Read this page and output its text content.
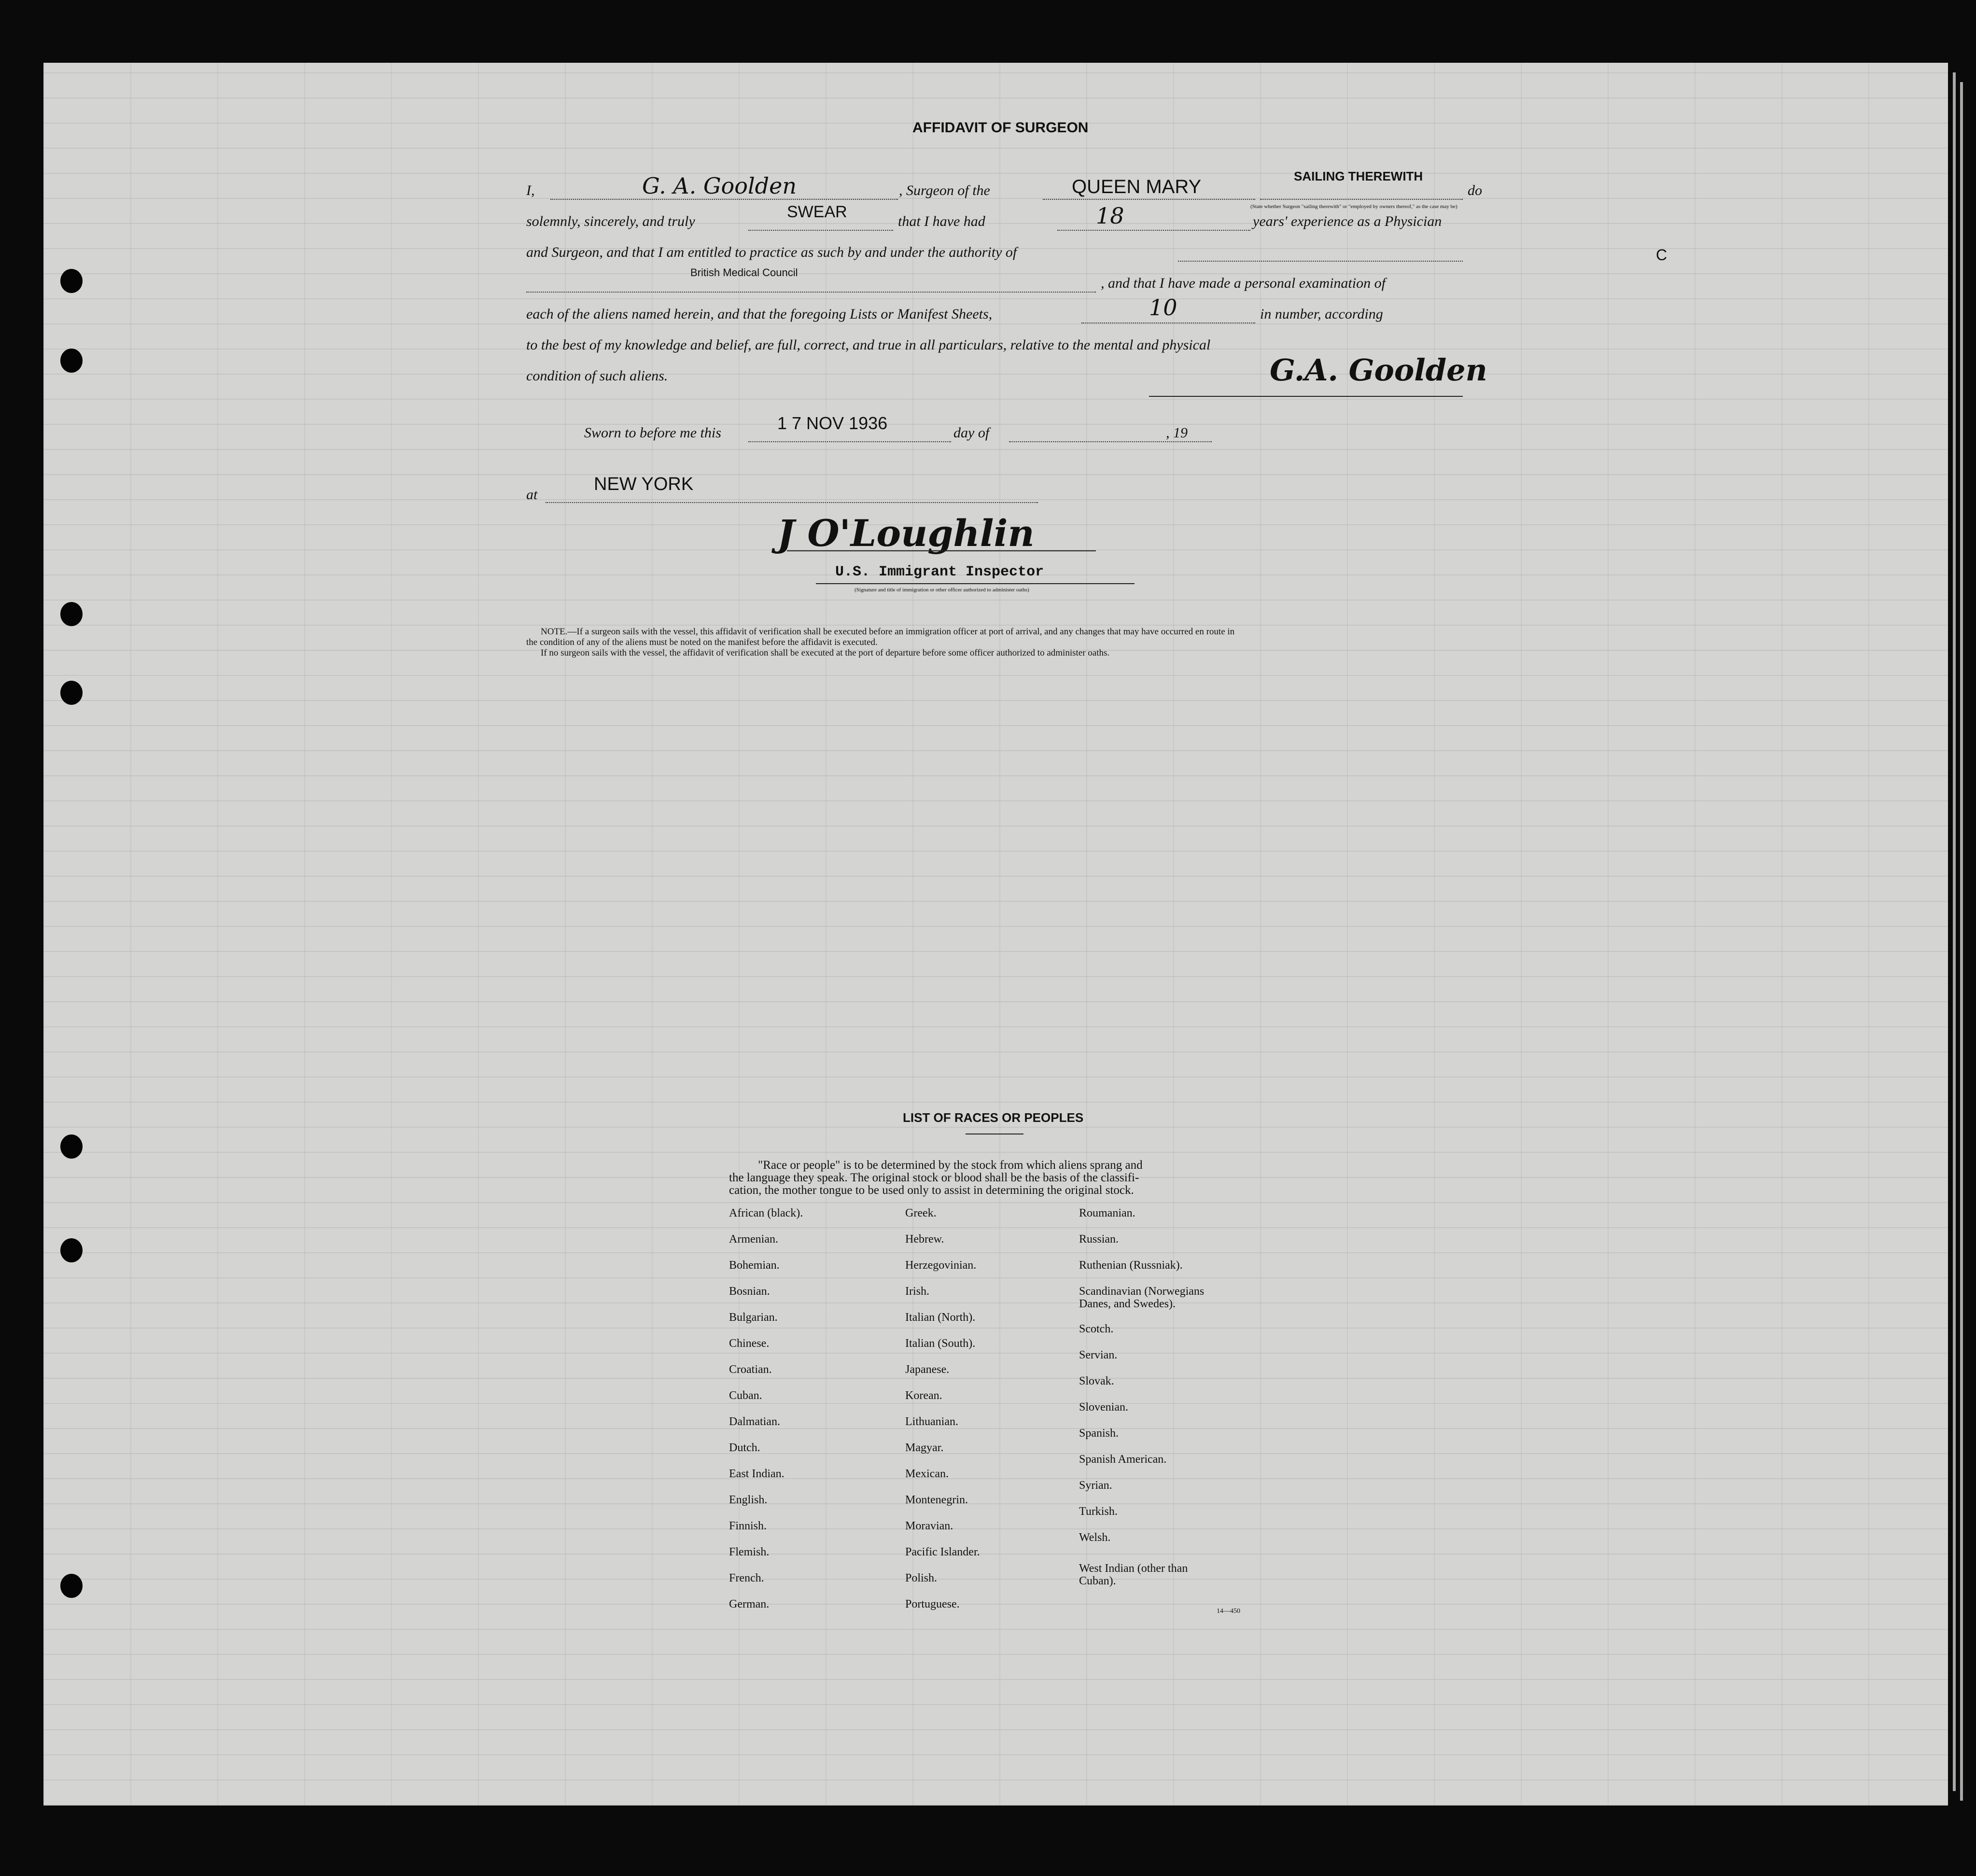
AFFIDAVIT OF SURGEON
I,	G. A. Goolden	, Surgeon of the	QUEEN MARY	SAILING THEREWITH
(State whether Surgeon "sailing therewith" or "employed by owners thereof," as the case may be)
do
solemnly, sincerely, and truly
SWEAR
that I have had	18	years' experience as a Physician
and Surgeon, and that I am entitled to practice as such by and under the authority of
British Medical Council
, and that I have made a personal examination of
each of the aliens named herein, and that the foregoing Lists or Manifest Sheets,	10	in number, according
to the best of my knowledge and belief, are full, correct, and true in all particulars, relative to the mental and physical
condition of such aliens.	G.A. Goolden
Sworn to before me this	1 7 NOV 1936	day of	, 19
at
NEW YORK
J O'Loughlin
U.S. Immigrant Inspector
(Signature and title of immigration or other officer authorized to administer oaths)
NOTE.—If a surgeon sails with the vessel, this affidavit of verification shall be executed before an immigration officer at port of arrival, and any changes that may have occurred en route in
the condition of any of the aliens must be noted on the manifest before the affidavit is executed.
If no surgeon sails with the vessel, the affidavit of verification shall be executed at the port of departure before some officer authorized to administer oaths.
C
LIST OF RACES OR PEOPLES
"Race or people" is to be determined by the stock from which aliens sprang and
the language they speak. The original stock or blood shall be the basis of the classifi-
cation, the mother tongue to be used only to assist in determining the original stock.
African (black).
Armenian.
Bohemian.
Bosnian.
Bulgarian.
Chinese.
Croatian.
Cuban.
Dalmatian.
Dutch.
East Indian.
English.
Finnish.
Flemish.
French.
German.
Greek.
Hebrew.
Herzegovinian.
Irish.
Italian (North).
Italian (South).
Japanese.
Korean.
Lithuanian.
Magyar.
Mexican.
Montenegrin.
Moravian.
Pacific Islander.
Polish.
Portuguese.
Roumanian.
Russian.
Ruthenian (Russniak).
Scandinavian (Norwegians
Danes, and Swedes).
Scotch.
Servian.
Slovak.
Slovenian.
Spanish.
Spanish American.
Syrian.
Turkish.
Welsh.
West Indian (other than
Cuban).
14—450
